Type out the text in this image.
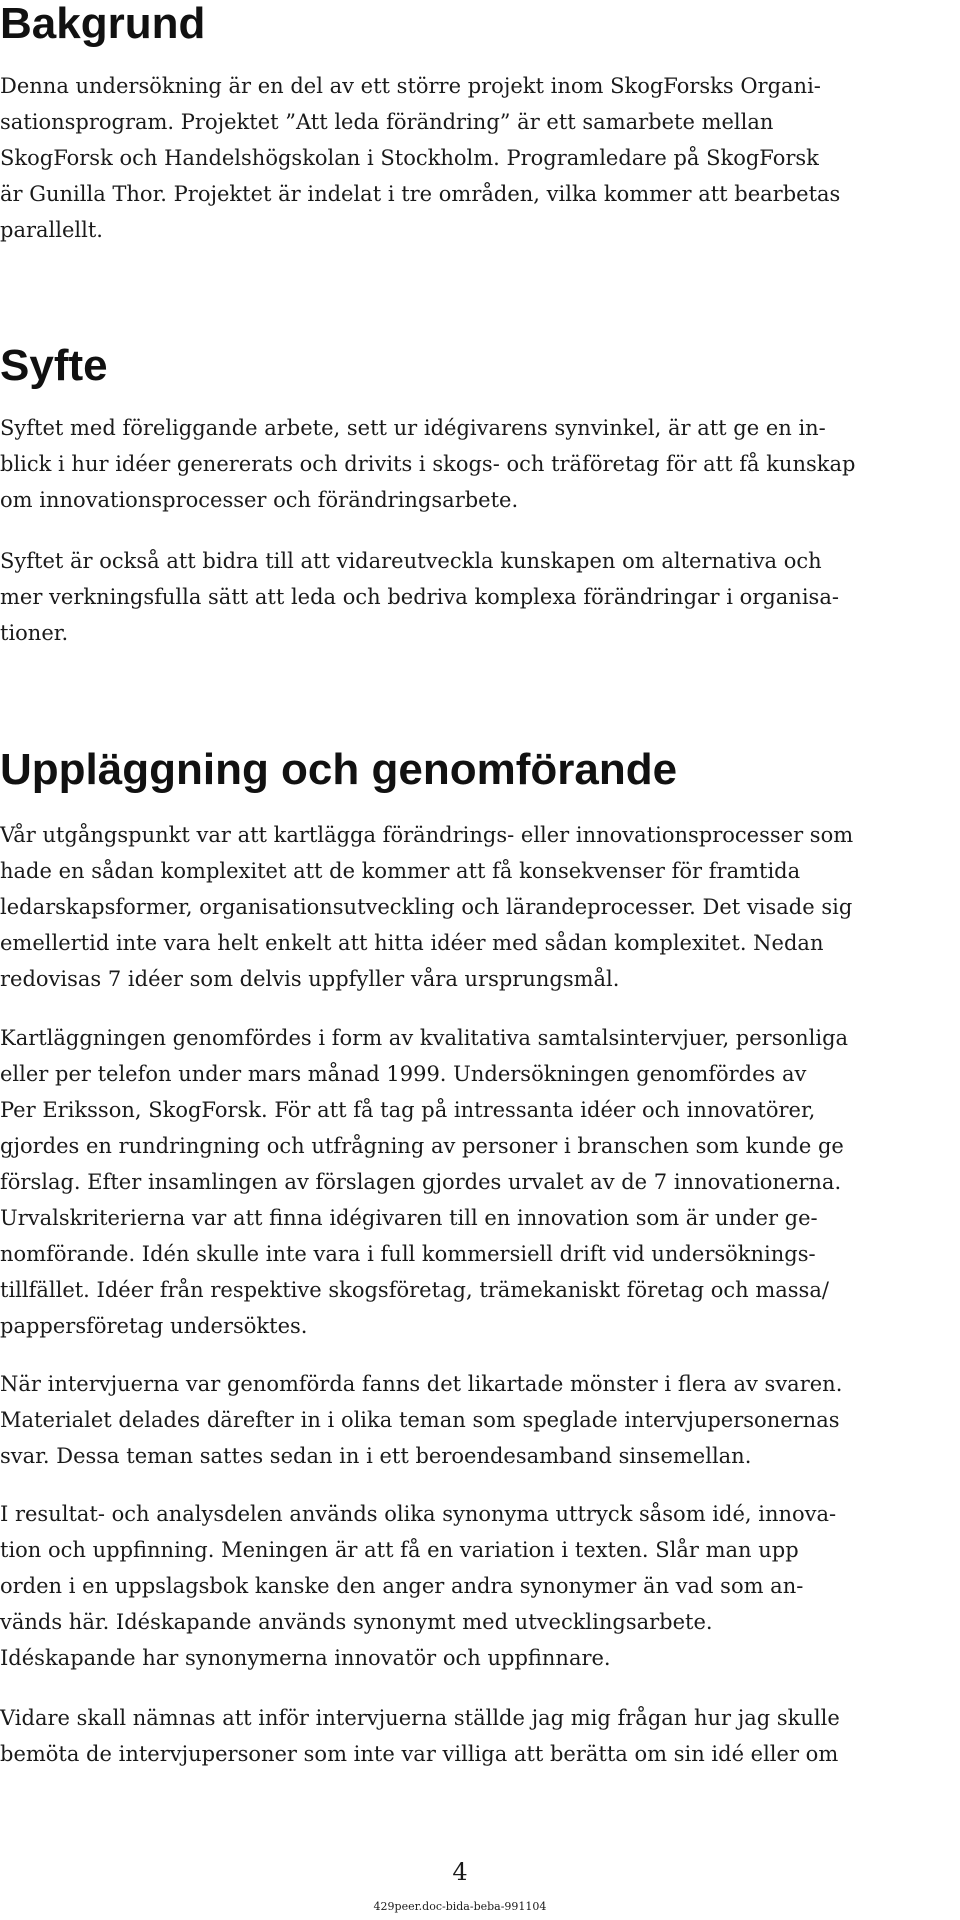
Bakgrund

Denna undersökning är en del av ett större projekt inom SkogForsks Organi-
sationsprogram. Projektet ”Att leda förändring” är ett samarbete mellan
SkogForsk och Handelshögskolan i Stockholm. Programledare på SkogForsk
är Gunilla Thor. Projektet är indelat i tre områden, vilka kommer att bearbetas
parallellt.

Syfte

Syftet med föreliggande arbete, sett ur idégivarens synvinkel, är att ge en in-
blick i hur idéer genererats och drivits i skogs- och träföretag för att få kunskap
om innovationsprocesser och förändringsarbete.

Syftet är också att bidra till att vidareutveckla kunskapen om alternativa och
mer verkningsfulla sätt att leda och bedriva komplexa förändringar i organisa-
tioner.

Uppläggning och genomförande

Vår utgångspunkt var att kartlägga förändrings- eller innovationsprocesser som
hade en sådan komplexitet att de kommer att få konsekvenser för framtida
ledarskapsformer, organisationsutveckling och lärandeprocesser. Det visade sig
emellertid inte vara helt enkelt att hitta idéer med sådan komplexitet. Nedan
redovisas 7 idéer som delvis uppfyller våra ursprungsmål.

Kartläggningen genomfördes i form av kvalitativa samtalsintervjuer, personliga
eller per telefon under mars månad 1999. Undersökningen genomfördes av
Per Eriksson, SkogForsk. För att få tag på intressanta idéer och innovatörer,
gjordes en rundringning och utfrågning av personer i branschen som kunde ge
förslag. Efter insamlingen av förslagen gjordes urvalet av de 7 innovationerna.
Urvalskriterierna var att finna idégivaren till en innovation som är under ge-
nomförande. Idén skulle inte vara i full kommersiell drift vid undersöknings-
tillfället. Idéer från respektive skogsföretag, trämekaniskt företag och massa/
pappersföretag undersöktes.

När intervjuerna var genomförda fanns det likartade mönster i flera av svaren.
Materialet delades därefter in i olika teman som speglade intervjupersonernas
svar. Dessa teman sattes sedan in i ett beroendesamband sinsemellan.

I resultat- och analysdelen används olika synonyma uttryck såsom idé, innova-
tion och uppfinning. Meningen är att få en variation i texten. Slår man upp
orden i en uppslagsbok kanske den anger andra synonymer än vad som an-
vänds här. Idéskapande används synonymt med utvecklingsarbete.
Idéskapande har synonymerna innovatör och uppfinnare.

Vidare skall nämnas att inför intervjuerna ställde jag mig frågan hur jag skulle
bemöta de intervjupersoner som inte var villiga att berätta om sin idé eller om

4
429peer.doc-bida-beba-991104
